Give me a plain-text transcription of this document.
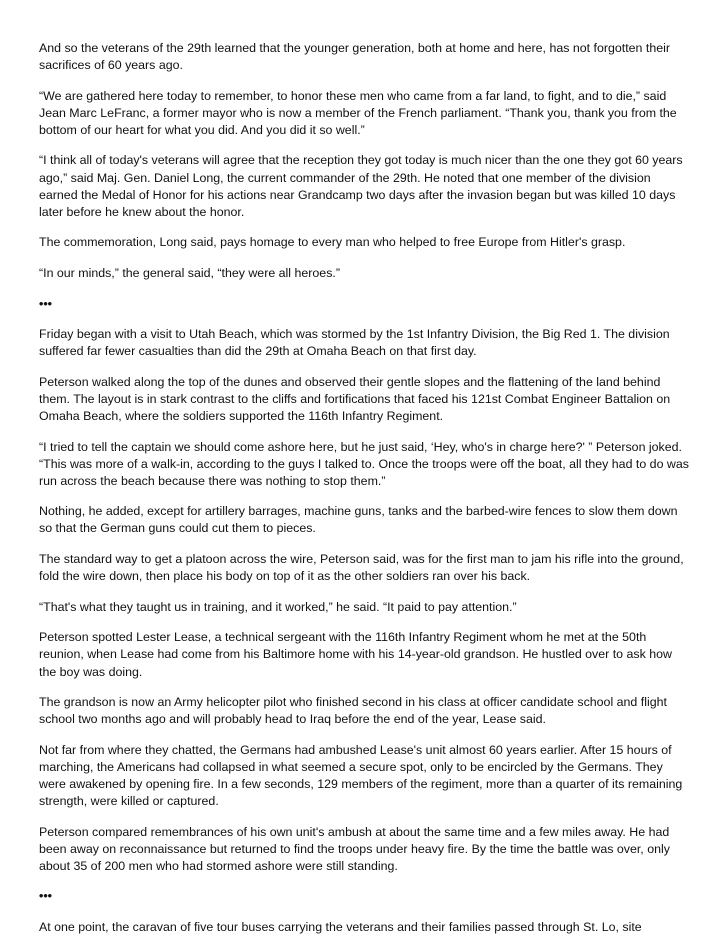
And so the veterans of the 29th learned that the younger generation, both at home and here, has not forgotten their sacrifices of 60 years ago.

“We are gathered here today to remember, to honor these men who came from a far land, to fight, and to die,” said Jean Marc LeFranc, a former mayor who is now a member of the French parliament. “Thank you, thank you from the bottom of our heart for what you did. And you did it so well.”

“I think all of today's veterans will agree that the reception they got today is much nicer than the one they got 60 years ago,” said Maj. Gen. Daniel Long, the current commander of the 29th. He noted that one member of the division earned the Medal of Honor for his actions near Grandcamp two days after the invasion began but was killed 10 days later before he knew about the honor.

The commemoration, Long said, pays homage to every man who helped to free Europe from Hitler's grasp.

“In our minds,” the general said, “they were all heroes.”

•••

Friday began with a visit to Utah Beach, which was stormed by the 1st Infantry Division, the Big Red 1. The division suffered far fewer casualties than did the 29th at Omaha Beach on that first day.

Peterson walked along the top of the dunes and observed their gentle slopes and the flattening of the land behind them. The layout is in stark contrast to the cliffs and fortifications that faced his 121st Combat Engineer Battalion on Omaha Beach, where the soldiers supported the 116th Infantry Regiment.

“I tried to tell the captain we should come ashore here, but he just said, ‘Hey, who's in charge here?' ” Peterson joked. “This was more of a walk-in, according to the guys I talked to. Once the troops were off the boat, all they had to do was run across the beach because there was nothing to stop them.”

Nothing, he added, except for artillery barrages, machine guns, tanks and the barbed-wire fences to slow them down so that the German guns could cut them to pieces.

The standard way to get a platoon across the wire, Peterson said, was for the first man to jam his rifle into the ground, fold the wire down, then place his body on top of it as the other soldiers ran over his back.

“That's what they taught us in training, and it worked,” he said. “It paid to pay attention.”

Peterson spotted Lester Lease, a technical sergeant with the 116th Infantry Regiment whom he met at the 50th reunion, when Lease had come from his Baltimore home with his 14-year-old grandson. He hustled over to ask how the boy was doing.

The grandson is now an Army helicopter pilot who finished second in his class at officer candidate school and flight school two months ago and will probably head to Iraq before the end of the year, Lease said.

Not far from where they chatted, the Germans had ambushed Lease's unit almost 60 years earlier. After 15 hours of marching, the Americans had collapsed in what seemed a secure spot, only to be encircled by the Germans. They were awakened by opening fire. In a few seconds, 129 members of the regiment, more than a quarter of its remaining strength, were killed or captured.

Peterson compared remembrances of his own unit's ambush at about the same time and a few miles away. He had been away on reconnaissance but returned to find the troops under heavy fire. By the time the battle was over, only about 35 of 200 men who had stormed ashore were still standing.

•••

At one point, the caravan of five tour buses carrying the veterans and their families passed through St. Lo, site
